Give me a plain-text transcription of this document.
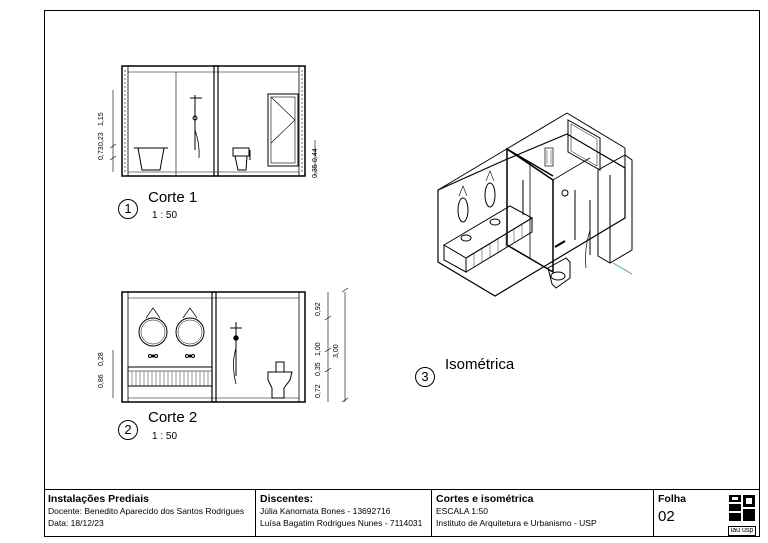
0,73
0,23
1,15
0,35
0,44
0,86
0,28
0,72
0,35
1,00
0,92
3,00
1
Corte 1
1 : 50
2
Corte 2
1 : 50
3
Isométrica
Instalações Prediais
Docente: Benedito Aparecido dos Santos Rodrigues
Data: 18/12/23
Discentes:
Júlia Kanomata Bones - 13692716
Luísa Bagatim Rodrigues Nunes - 7114031
Cortes e isométrica
ESCALA 1:50
Instituto de Arquitetura e Urbanismo - USP
Folha
02
iau usp
